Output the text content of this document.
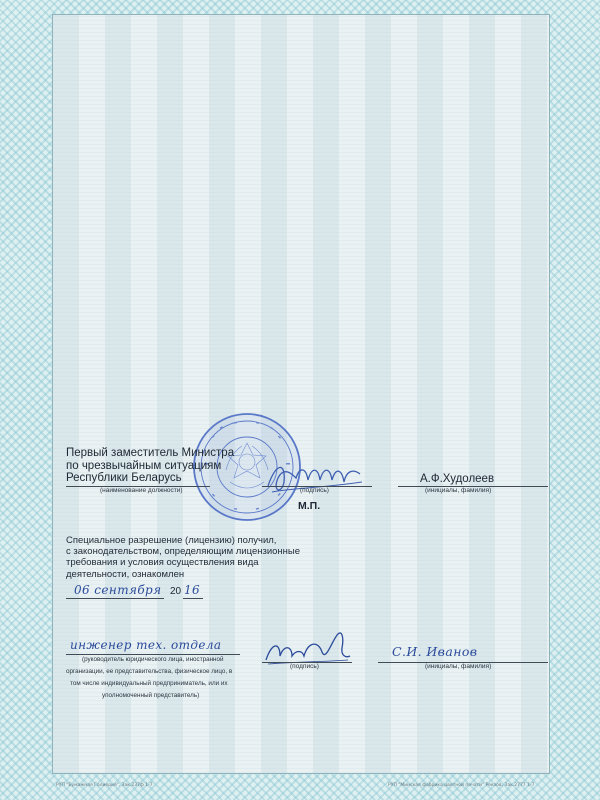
Первый заместитель Министра
по чрезвычайным ситуациям
Республики Беларусь
(наименование должности)	(подпись)
А.Ф.Худолеев
(инициалы, фамилия)
М.П.
Специальное разрешение (лицензию) получил,
с законодательством, определяющим лицензионные
требования и условия осуществления вида
деятельности, ознакомлен
06 сентября 20 16
инженер тех. отдела
(руководитель юридического лица, иностранной
организации, ее представительства, физическое лицо, в
том числе индивидуальный предприниматель, или их
уполномоченный представитель)
(подпись)
С.И. Иванов
(инициалы, фамилия)
РУП "Бумажная Голиерия", Зак.237ф 1-7	РУП "Минская фабрика цветной печати" Рекзов, Зак.2777 1-7
